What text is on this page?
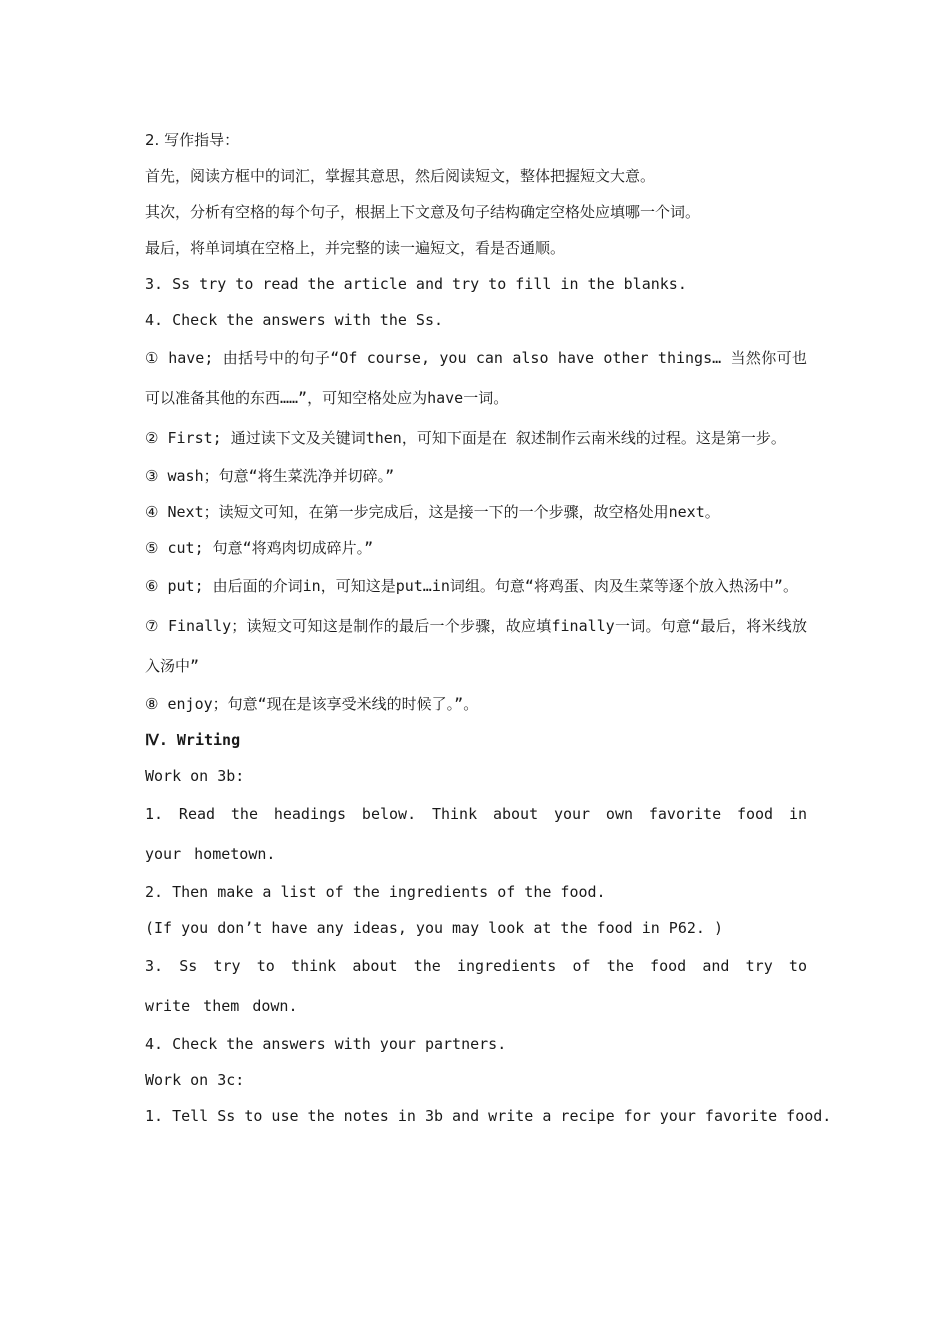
2. 写作指导：
首先，阅读方框中的词汇，掌握其意思，然后阅读短文，整体把握短文大意。
其次，分析有空格的每个句子，根据上下文意及句子结构确定空格处应填哪一个词。
最后，将单词填在空格上，并完整的读一遍短文，看是否通顺。
3. Ss try to read the article and try to fill in the blanks.
4. Check the answers with the Ss.
① have; 由括号中的句子“Of course, you can also have other things… 当然你可也可以准备其他的东西……”，可知空格处应为have一词。
② First; 通过读下文及关键词then，可知下面是在 叙述制作云南米线的过程。这是第一步。
③ wash；句意“将生菜洗净并切碎。”
④ Next；读短文可知，在第一步完成后，这是接一下的一个步骤，故空格处用next。
⑤ cut; 句意“将鸡肉切成碎片。”
⑥ put; 由后面的介词in，可知这是put…in词组。句意“将鸡蛋、肉及生菜等逐个放入热汤中”。
⑦ Finally；读短文可知这是制作的最后一个步骤，故应填finally一词。句意“最后，将米线放入汤中”
⑧ enjoy；句意“现在是该享受米线的时候了。”。
Ⅳ. Writing
Work on 3b:
1. Read the headings below. Think about your own favorite food in your hometown.
2. Then make a list of the ingredients of the food.
(If you don’t have any ideas, you may look at the food in P62. )
3. Ss try to think about the ingredients of the food and try to write them down.
4. Check the answers with your partners.
Work on 3c:
1. Tell Ss to use the notes in 3b and write a recipe for your favorite food.
